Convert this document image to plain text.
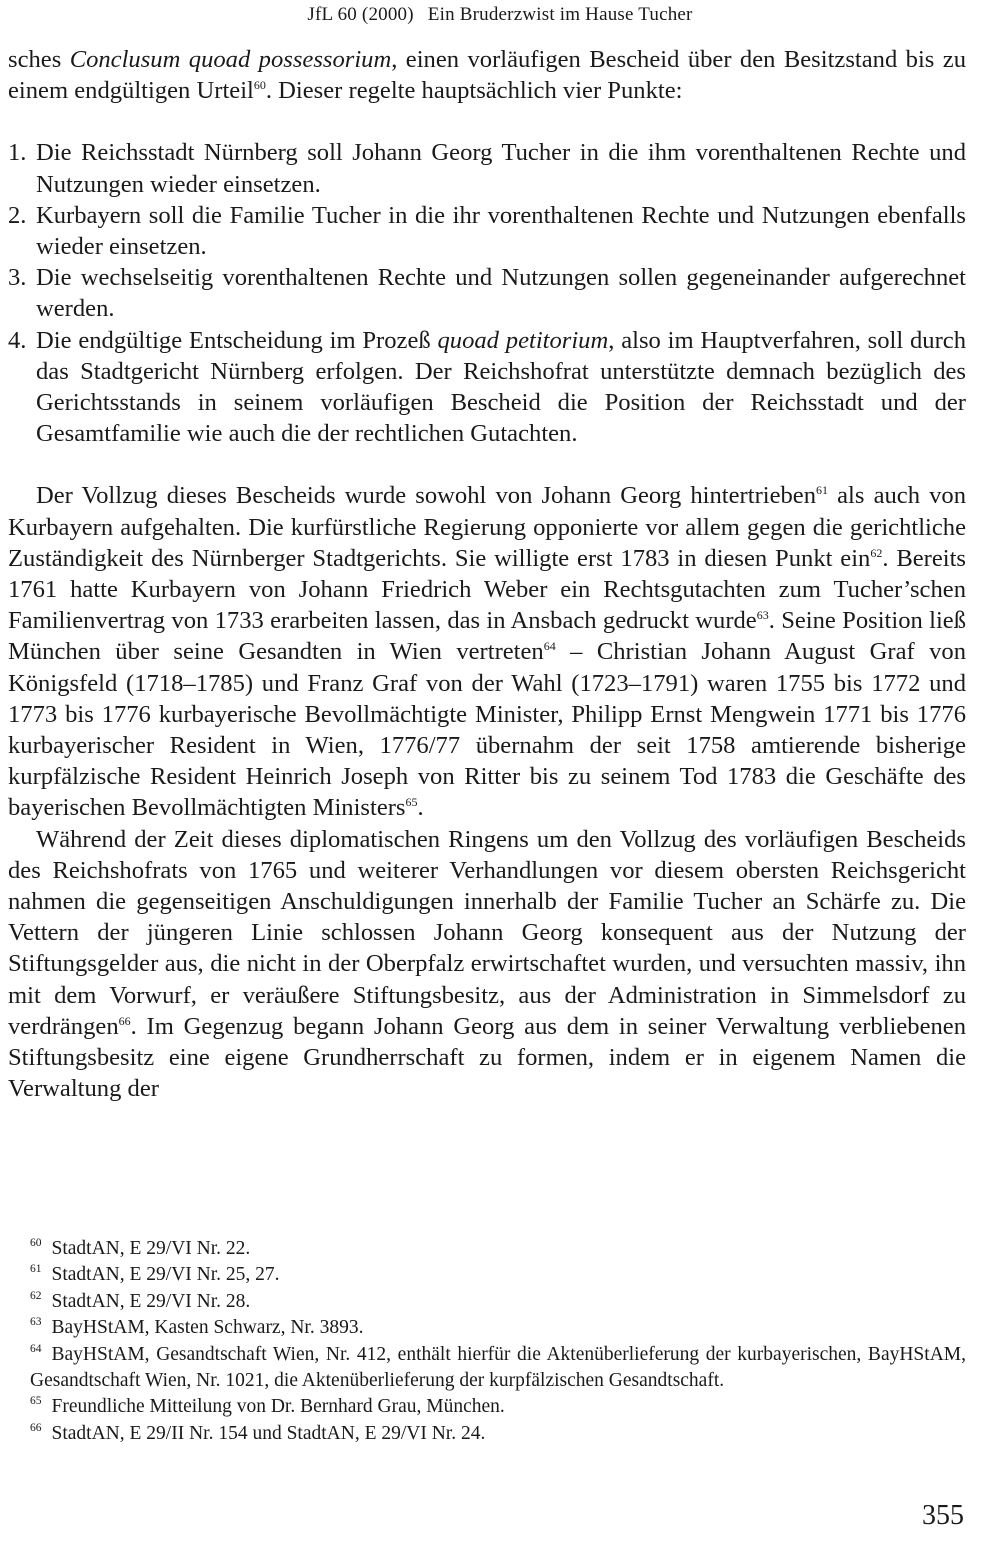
JfL 60 (2000) Ein Bruderzwist im Hause Tucher

sches Conclusum quoad possessorium, einen vorläufigen Bescheid über den Besitzstand bis zu einem endgültigen Urteil$^{60}$. Dieser regelte hauptsächlich vier Punkte:

1. Die Reichsstadt Nürnberg soll Johann Georg Tucher in die ihm vorenthaltenen Rechte und Nutzungen wieder einsetzen.
2. Kurbayern soll die Familie Tucher in die ihr vorenthaltenen Rechte und Nutzungen ebenfalls wieder einsetzen.
3. Die wechselseitig vorenthaltenen Rechte und Nutzungen sollen gegeneinander aufgerechnet werden.
4. Die endgültige Entscheidung im Prozeß quoad petitorium, also im Hauptverfahren, soll durch das Stadtgericht Nürnberg erfolgen. Der Reichshofrat unterstützte demnach bezüglich des Gerichtsstands in seinem vorläufigen Bescheid die Position der Reichsstadt und der Gesamtfamilie wie auch die der rechtlichen Gutachten.

Der Vollzug dieses Bescheids wurde sowohl von Johann Georg hintertrieben$^{61}$ als auch von Kurbayern aufgehalten. Die kurfürstliche Regierung opponierte vor allem gegen die gerichtliche Zuständigkeit des Nürnberger Stadtgerichts. Sie willigte erst 1783 in diesen Punkt ein$^{62}$. Bereits 1761 hatte Kurbayern von Johann Friedrich Weber ein Rechtsgutachten zum Tucher’schen Familienvertrag von 1733 erarbeiten lassen, das in Ansbach gedruckt wurde$^{63}$. Seine Position ließ München über seine Gesandten in Wien vertreten$^{64}$ – Christian Johann August Graf von Königsfeld (1718–1785) und Franz Graf von der Wahl (1723–1791) waren 1755 bis 1772 und 1773 bis 1776 kurbayerische Bevollmächtigte Minister, Philipp Ernst Mengwein 1771 bis 1776 kurbayerischer Resident in Wien, 1776/77 übernahm der seit 1758 amtierende bisherige kurpfälzische Resident Heinrich Joseph von Ritter bis zu seinem Tod 1783 die Geschäfte des bayerischen Bevollmächtigten Ministers$^{65}$.

Während der Zeit dieses diplomatischen Ringens um den Vollzug des vorläufigen Bescheids des Reichshofrats von 1765 und weiterer Verhandlungen vor diesem obersten Reichsgericht nahmen die gegenseitigen Anschuldigungen innerhalb der Familie Tucher an Schärfe zu. Die Vettern der jüngeren Linie schlossen Johann Georg konsequent aus der Nutzung der Stiftungsgelder aus, die nicht in der Oberpfalz erwirtschaftet wurden, und versuchten massiv, ihn mit dem Vorwurf, er veräußere Stiftungsbesitz, aus der Administration in Simmelsdorf zu verdrängen$^{66}$. Im Gegenzug begann Johann Georg aus dem in seiner Verwaltung verbliebenen Stiftungsbesitz eine eigene Grundherrschaft zu formen, indem er in eigenem Namen die Verwaltung der

$^{60}$ StadtAN, E 29/VI Nr. 22.
$^{61}$ StadtAN, E 29/VI Nr. 25, 27.
$^{62}$ StadtAN, E 29/VI Nr. 28.
$^{63}$ BayHStAM, Kasten Schwarz, Nr. 3893.
$^{64}$ BayHStAM, Gesandtschaft Wien, Nr. 412, enthält hierfür die Aktenüberlieferung der kurbayerischen, BayHStAM, Gesandtschaft Wien, Nr. 1021, die Aktenüberlieferung der kurpfälzischen Gesandtschaft.
$^{65}$ Freundliche Mitteilung von Dr. Bernhard Grau, München.
$^{66}$ StadtAN, E 29/II Nr. 154 und StadtAN, E 29/VI Nr. 24.
355
